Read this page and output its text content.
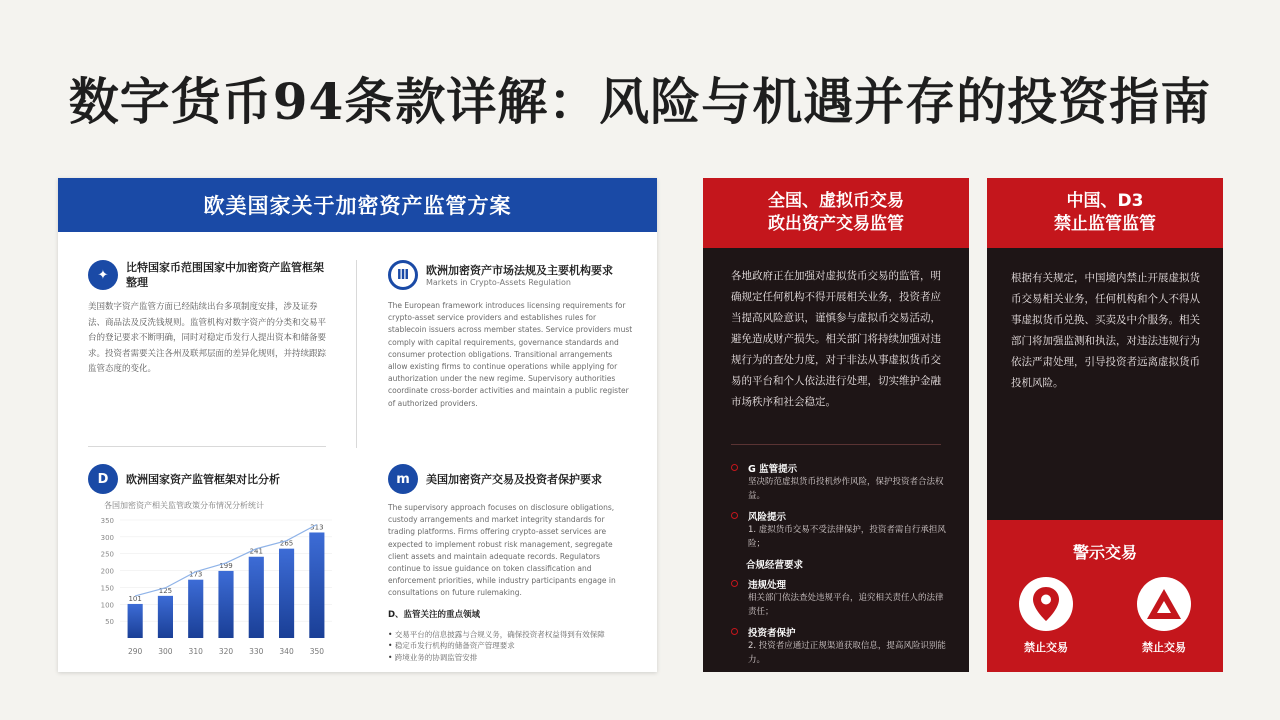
数字货币94条款详解：风险与机遇并存的投资指南
欧美国家关于加密资产监管方案
✦	比特国家币范围国家中加密资产监管框架整理
美国数字资产监管方面已经陆续出台多项制度安排，涉及证券法、商品法及反洗钱规则。监管机构对数字资产的分类和交易平台的登记要求不断明确，同时对稳定币发行人提出资本和储备要求。投资者需要关注各州及联邦层面的差异化规则，并持续跟踪监管态度的变化。
Ⅲ	欧洲加密资产市场法规及主要机构要求
Markets in Crypto-Assets Regulation
The European framework introduces licensing requirements for crypto-asset service providers and establishes rules for stablecoin issuers across member states. Service providers must comply with capital requirements, governance standards and consumer protection obligations. Transitional arrangements allow existing firms to continue operations while applying for authorization under the new regime. Supervisory authorities coordinate cross-border activities and maintain a public register of authorized providers.
D	欧洲国家资产监管框架对比分析
各国加密资产相关监管政策分布情况分析统计
350
300
250
200
150
100
50
101
290
125
300
173
310
199
320
241
330
265
340
313
350
m	美国加密资产交易及投资者保护要求
The supervisory approach focuses on disclosure obligations, custody arrangements and market integrity standards for trading platforms. Firms offering crypto-asset services are expected to implement robust risk management, segregate client assets and maintain adequate records. Regulators continue to issue guidance on token classification and enforcement priorities, while industry participants engage in consultations on future rulemaking.
D、监管关注的重点领域
• 交易平台的信息披露与合规义务，确保投资者权益得到有效保障
• 稳定币发行机构的储备资产管理要求
• 跨境业务的协调监管安排
全国、虚拟币交易
政出资产交易监管
各地政府正在加强对虚拟货币交易的监管，明确规定任何机构不得开展相关业务，投资者应当提高风险意识，谨慎参与虚拟币交易活动，避免造成财产损失。相关部门将持续加强对违规行为的查处力度，对于非法从事虚拟货币交易的平台和个人依法进行处理，切实维护金融市场秩序和社会稳定。
G 监管提示
坚决防范虚拟货币投机炒作风险，保护投资者合法权益。
风险提示
1. 虚拟货币交易不受法律保护，投资者需自行承担风险；
合规经营要求
违规处理
相关部门依法查处违规平台，追究相关责任人的法律责任；
投资者保护
2. 投资者应通过正规渠道获取信息，提高风险识别能力。
中国、D3
禁止监管监管
根据有关规定，中国境内禁止开展虚拟货币交易相关业务，任何机构和个人不得从事虚拟货币兑换、买卖及中介服务。相关部门将加强监测和执法，对违法违规行为依法严肃处理，引导投资者远离虚拟货币投机风险。
警示交易
禁止交易	禁止交易
